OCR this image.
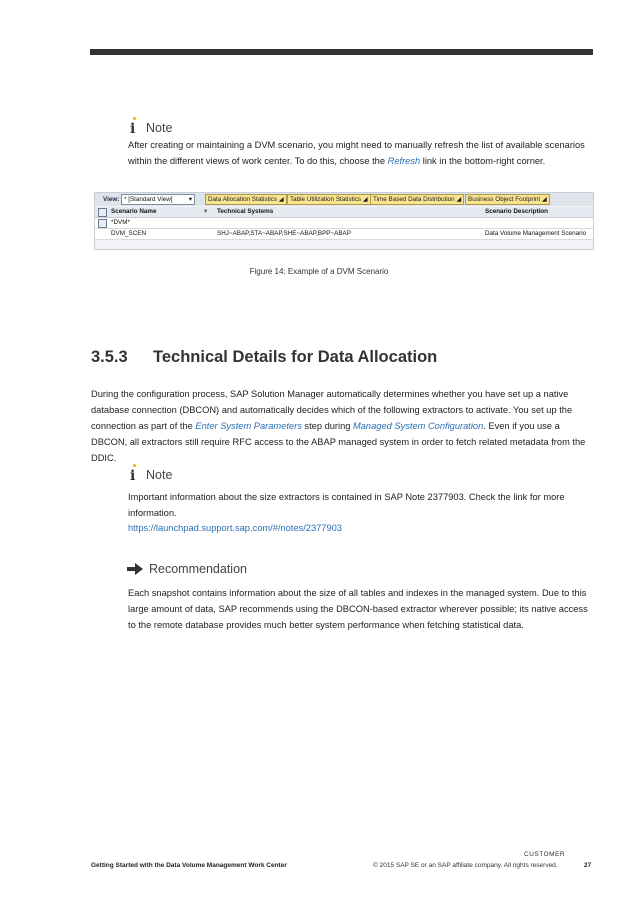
i Note
After creating or maintaining a DVM scenario, you might need to manually refresh the list of available scenarios within the different views of work center. To do this, choose the Refresh link in the bottom-right corner.
View: * [Standard View]	▾	Data Allocation Statistics ◢	Table Utilization Statistics ◢ Time Based Data Distribution ◢	Business Object Footprint ◢
Scenario Name	▾ Technical Systems	Scenario Description
*DVM*
DVM_SCEN	SHJ~ABAP,STA~ABAP,SHE~ABAP,BPP~ABAP	Data Volume Management Scenario
Figure 14: Example of a DVM Scenario
3.5.3 Technical Details for Data Allocation
During the configuration process, SAP Solution Manager automatically determines whether you have set up a native database connection (DBCON) and automatically decides which of the following extractors to activate. You set up the connection as part of the Enter System Parameters step during Managed System Configuration. Even if you use a DBCON, all extractors still require RFC access to the ABAP managed system in order to fetch related metadata from the DDIC.
i Note
Important information about the size extractors is contained in SAP Note 2377903. Check the link for more information.
https://launchpad.support.sap.com/#/notes/2377903
Recommendation
Each snapshot contains information about the size of all tables and indexes in the managed system. Due to this large amount of data, SAP recommends using the DBCON-based extractor wherever possible; its native access to the remote database provides much better system performance when fetching statistical data.
CUSTOMER
Getting Started with the Data Volume Management Work Center	© 2015 SAP SE or an SAP affiliate company. All rights reserved.	27
